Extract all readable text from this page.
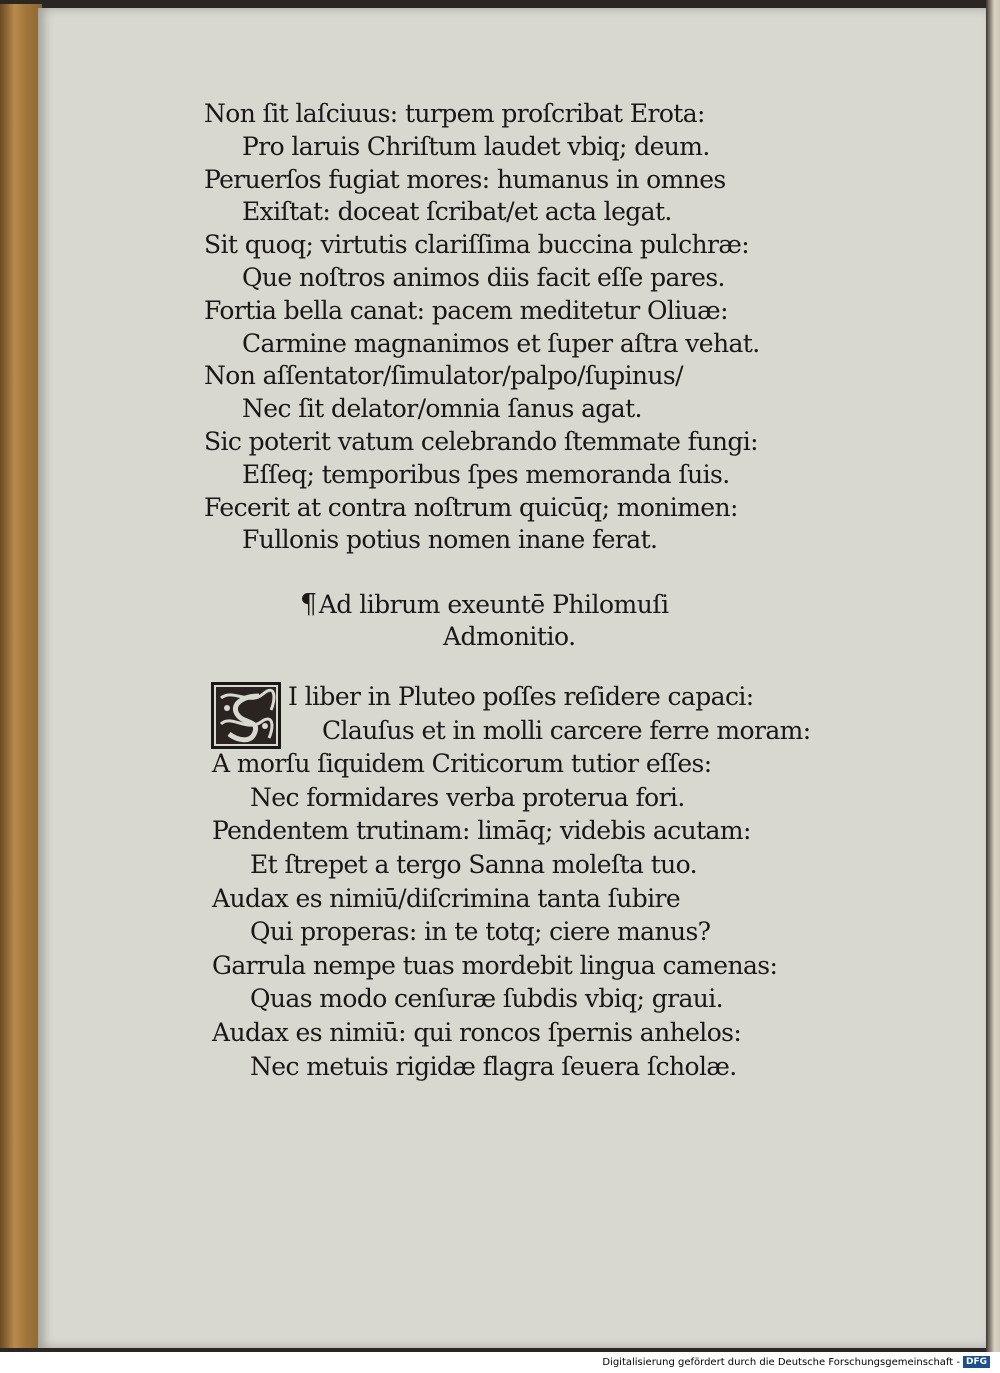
Non ſit laſciuus: turpem proſcribat Erota:
Pro laruis Chriſtum laudet vbiq; deum.
Peruerſos fugiat mores: humanus in omnes
Exiſtat: doceat ſcribat/et acta legat.
Sit quoq; virtutis clariſſima buccina pulchræ:
Que noſtros animos diis facit eſſe pares.
Fortia bella canat: pacem meditetur Oliuæ:
Carmine magnanimos et ſuper aſtra vehat.
Non aſſentator/ſimulator/palpo/ſupinus/
Nec ſit delator/omnia ſanus agat.
Sic poterit vatum celebrando ſtemmate fungi:
Eſſeq; temporibus ſpes memoranda ſuis.
Fecerit at contra noſtrum quicūq; monimen:
Fullonis potius nomen inane ferat.
¶Ad librum exeuntē Philomuſi
Admonitio.
I liber in Pluteo poſſes reſidere capaci:
Clauſus et in molli carcere ferre moram:
A morſu ſiquidem Criticorum tutior eſſes:
Nec formidares verba proterua fori.
Pendentem trutinam: limāq; videbis acutam:
Et ſtrepet a tergo Sanna moleſta tuo.
Audax es nimiū/diſcrimina tanta ſubire
Qui properas: in te totq; ciere manus?
Garrula nempe tuas mordebit lingua camenas:
Quas modo cenſuræ ſubdis vbiq; graui.
Audax es nimiū: qui roncos ſpernis anhelos:
Nec metuis rigidæ flagra ſeuera ſcholæ.
Digitalisierung gefördert durch die Deutsche Forschungsgemeinschaft - DFG
